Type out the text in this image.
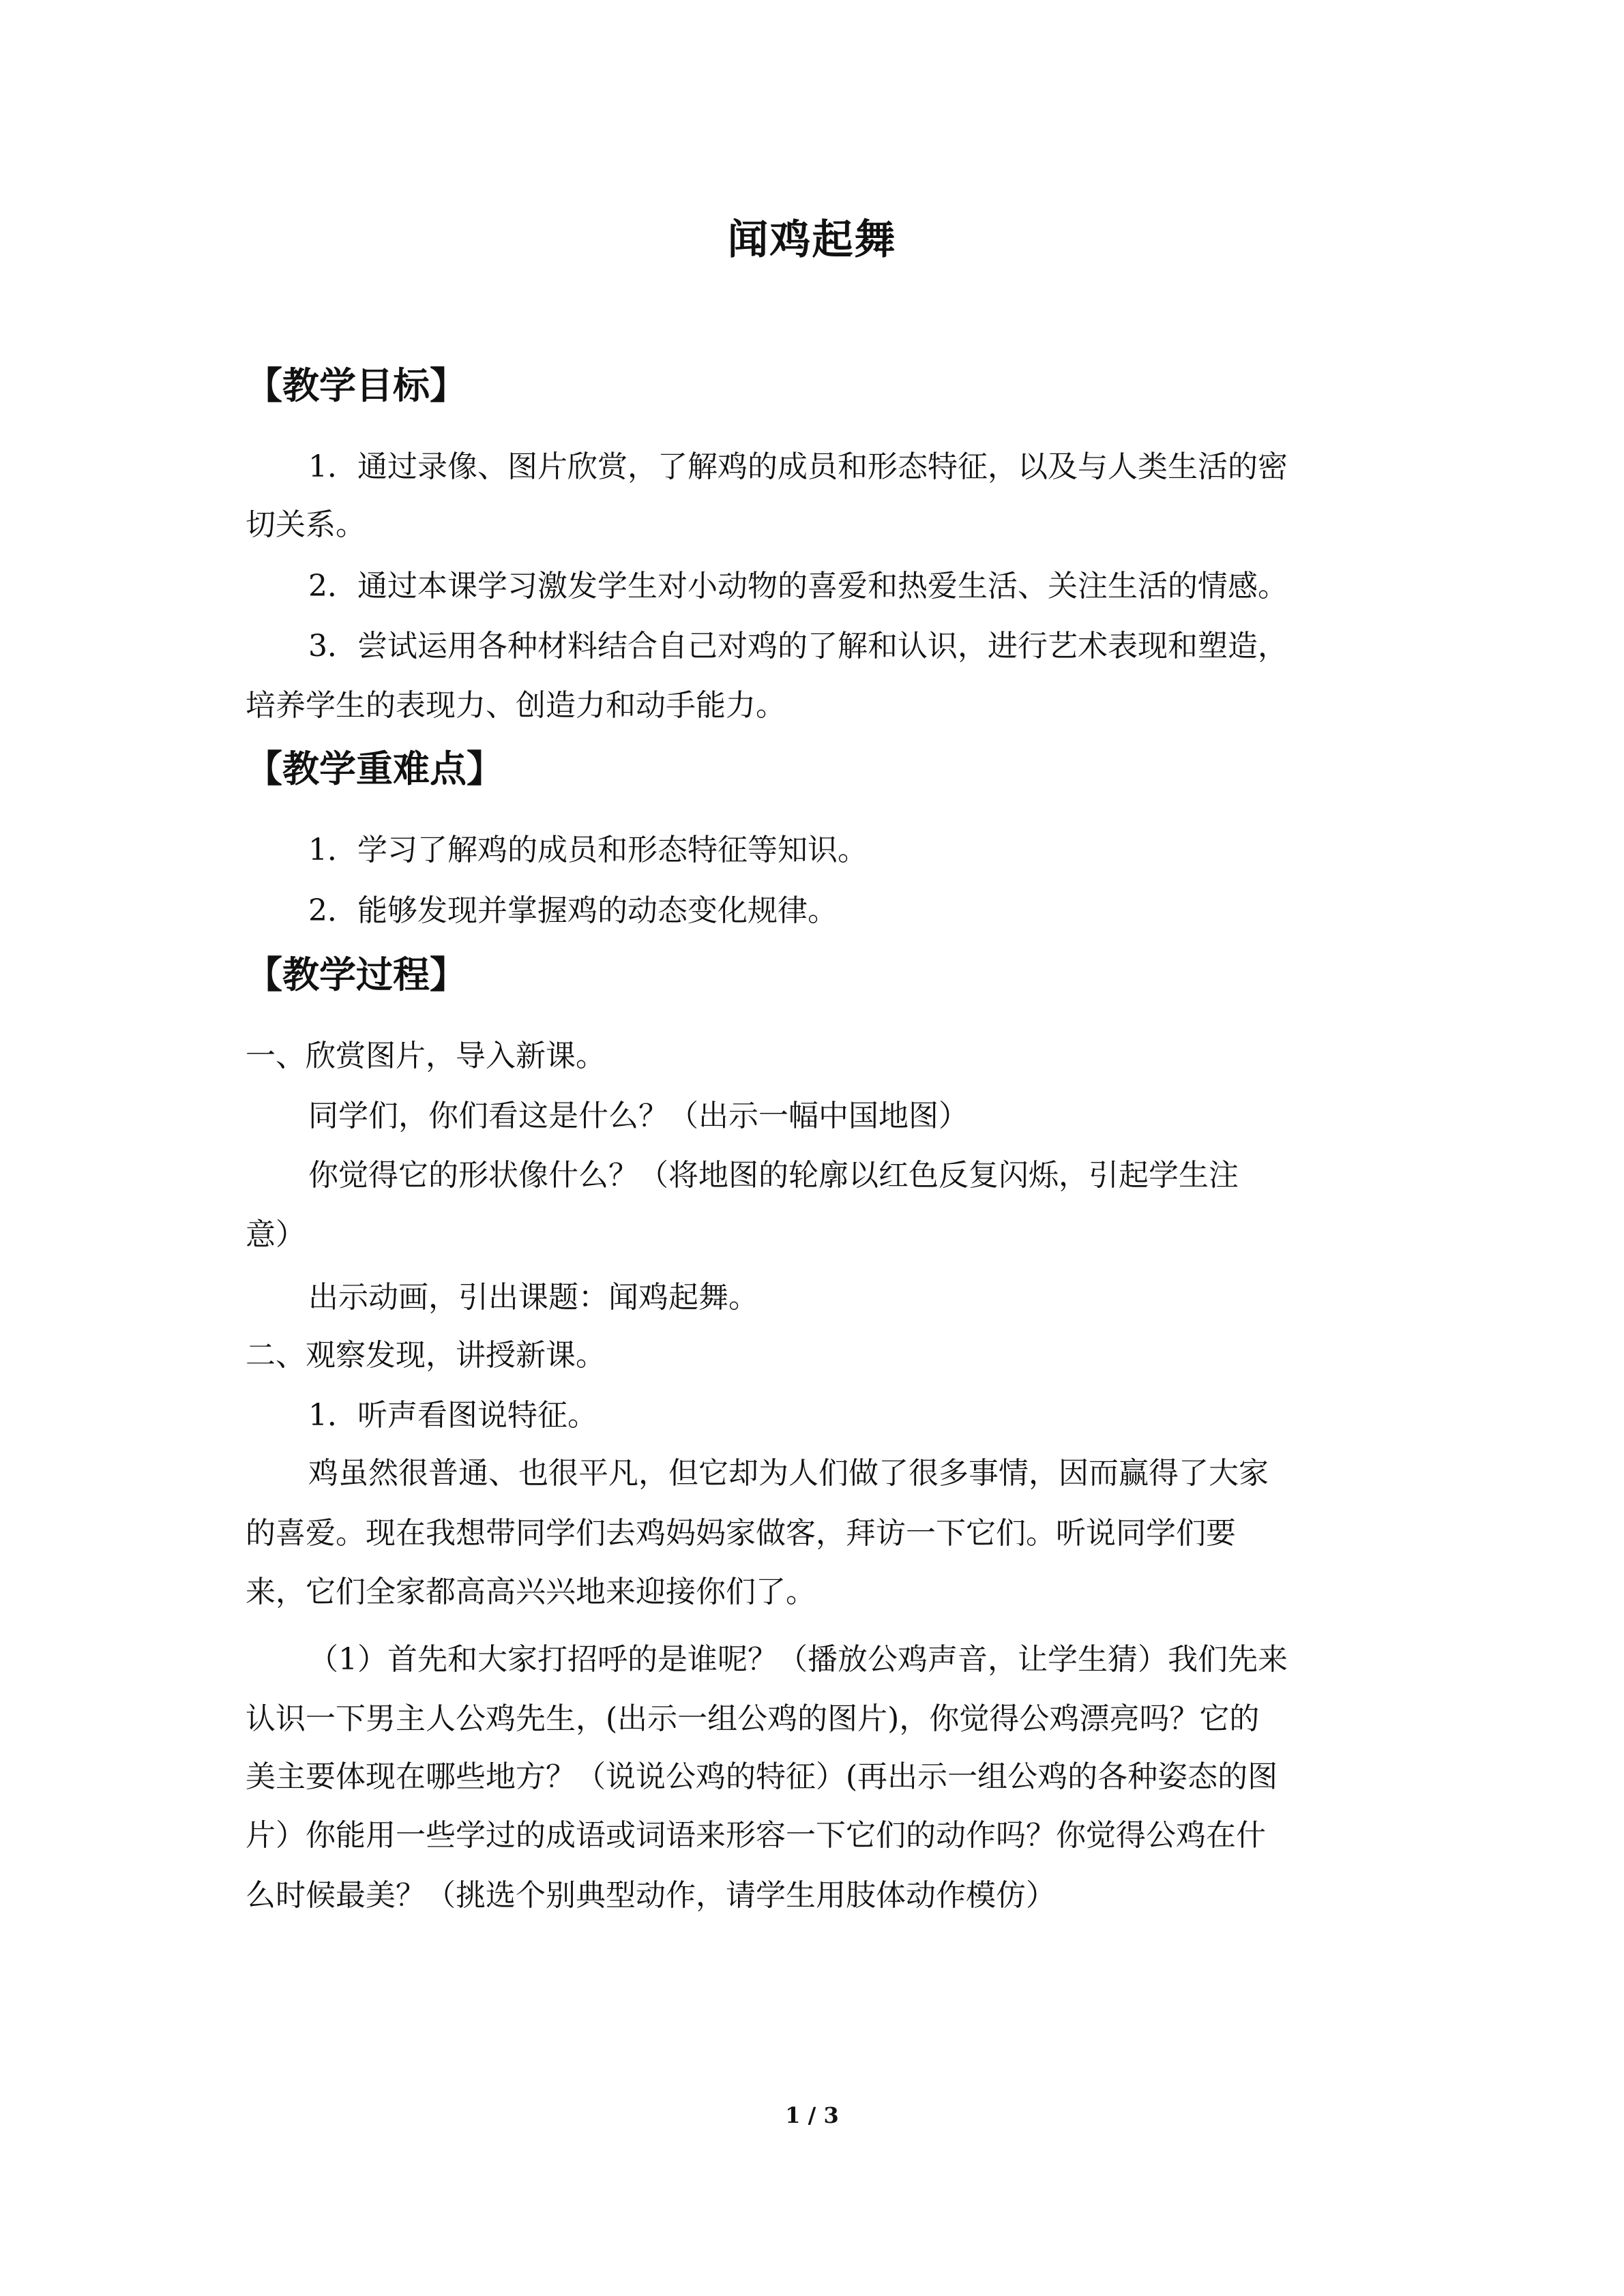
闻鸡起舞
【教学目标】
1．通过录像、图片欣赏，了解鸡的成员和形态特征，以及与人类生活的密
切关系。
2．通过本课学习激发学生对小动物的喜爱和热爱生活、关注生活的情感。
3．尝试运用各种材料结合自己对鸡的了解和认识，进行艺术表现和塑造，
培养学生的表现力、创造力和动手能力。
【教学重难点】
1．学习了解鸡的成员和形态特征等知识。
2．能够发现并掌握鸡的动态变化规律。
【教学过程】
一、欣赏图片，导入新课。
同学们，你们看这是什么？（出示一幅中国地图）
你觉得它的形状像什么？（将地图的轮廓以红色反复闪烁，引起学生注
意）
出示动画，引出课题：闻鸡起舞。
二、观察发现，讲授新课。
1．听声看图说特征。
鸡虽然很普通、也很平凡，但它却为人们做了很多事情，因而赢得了大家
的喜爱。现在我想带同学们去鸡妈妈家做客，拜访一下它们。听说同学们要
来，它们全家都高高兴兴地来迎接你们了。
（1）首先和大家打招呼的是谁呢？（播放公鸡声音，让学生猜）我们先来
认识一下男主人公鸡先生，(出示一组公鸡的图片)，你觉得公鸡漂亮吗？它的
美主要体现在哪些地方？（说说公鸡的特征）(再出示一组公鸡的各种姿态的图
片）你能用一些学过的成语或词语来形容一下它们的动作吗？你觉得公鸡在什
么时候最美？（挑选个别典型动作，请学生用肢体动作模仿）
1 / 3
